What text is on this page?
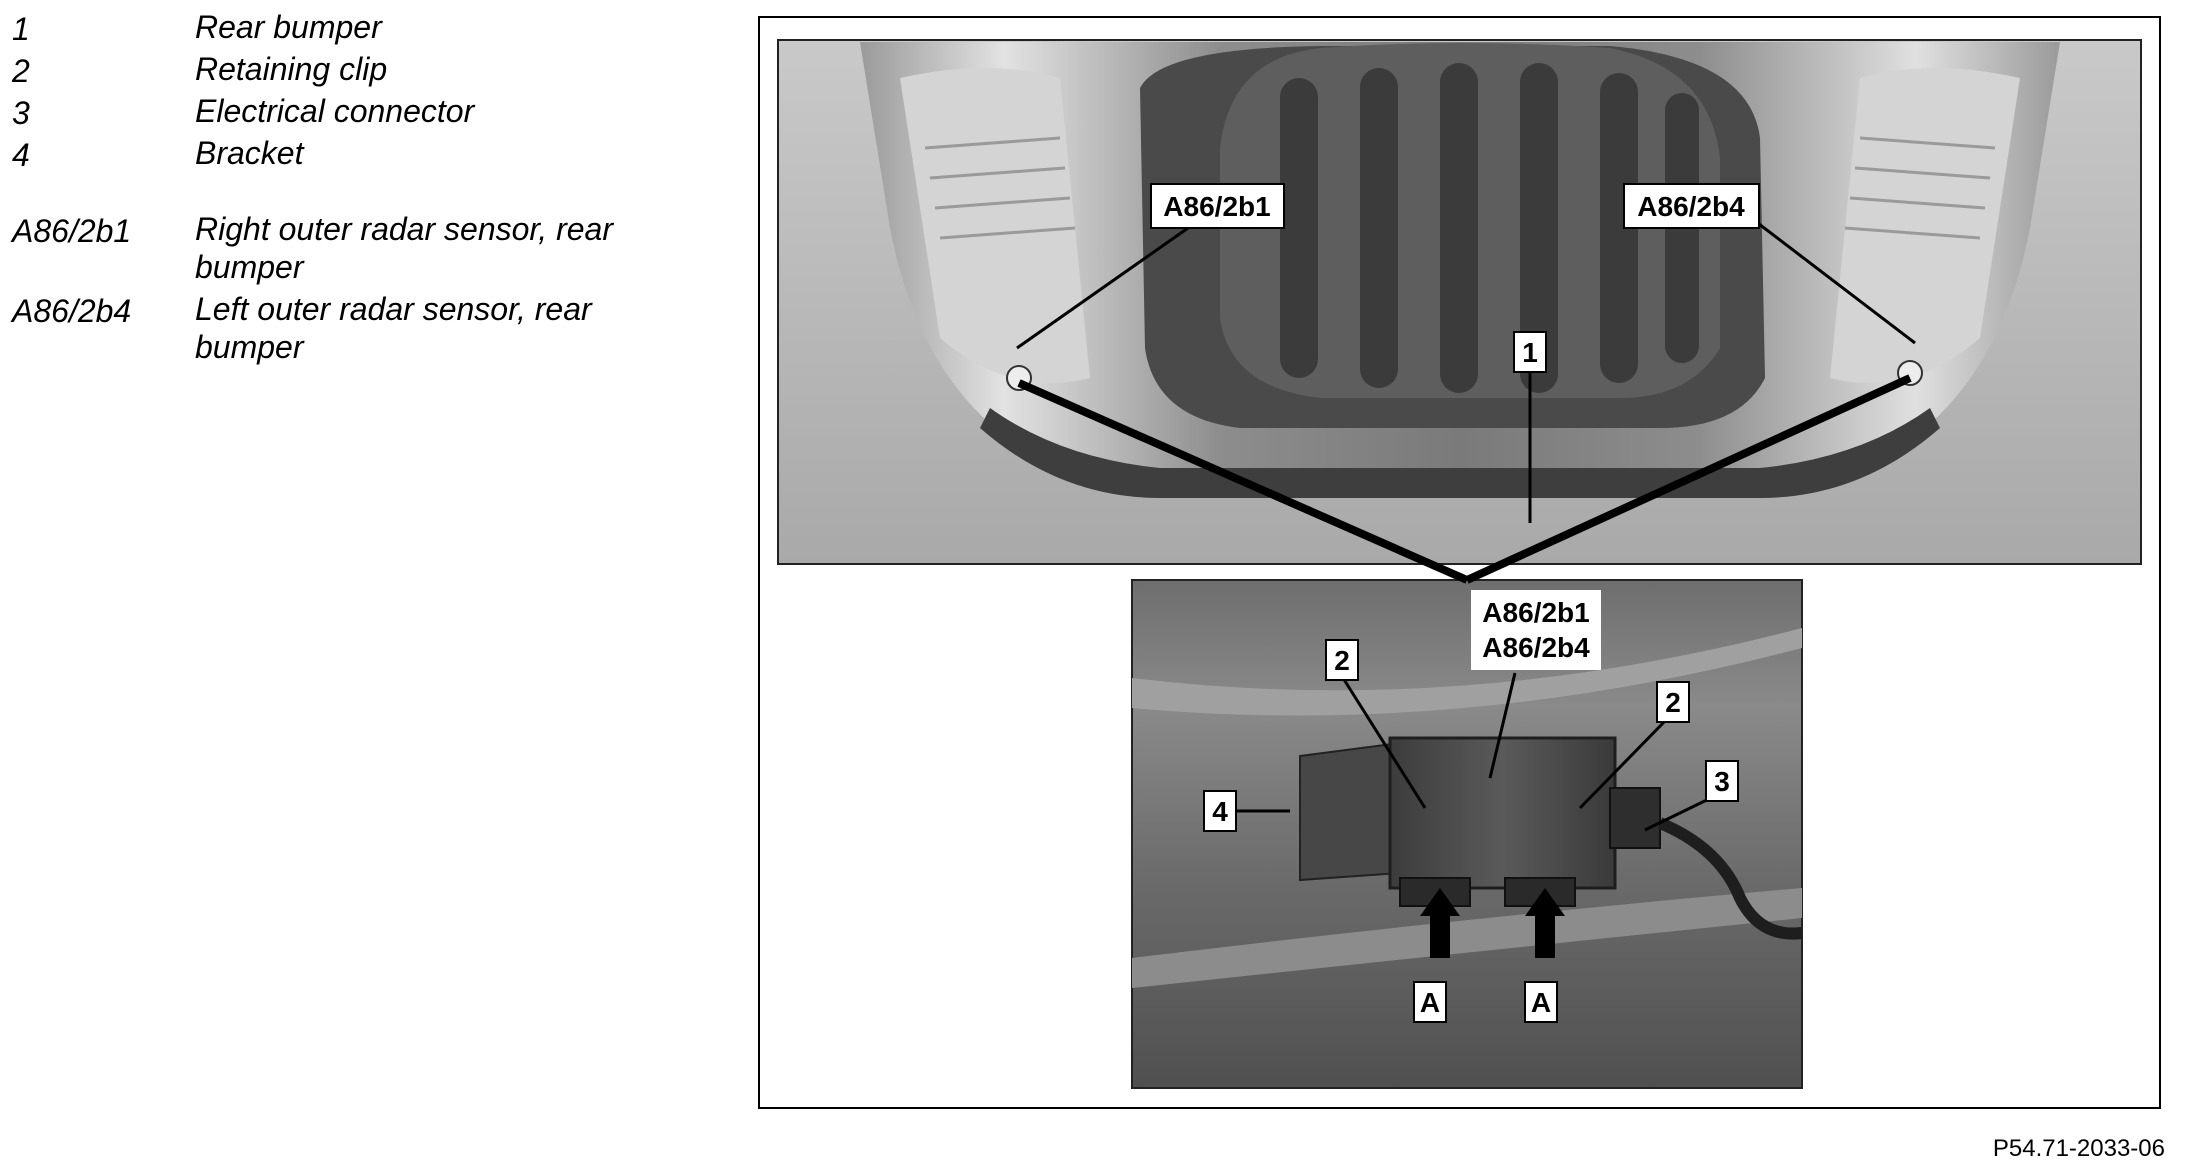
1	Rear bumper
2	Retaining clip
3	Electrical connector
4	Bracket
A86/2b1	Right outer radar sensor, rear
bumper
A86/2b4	Left outer radar sensor, rear
bumper
A86/2b1	A86/2b4
1
A86/2b1
A86/2b4
2
2
3
4
A	A
P54.71-2033-06
